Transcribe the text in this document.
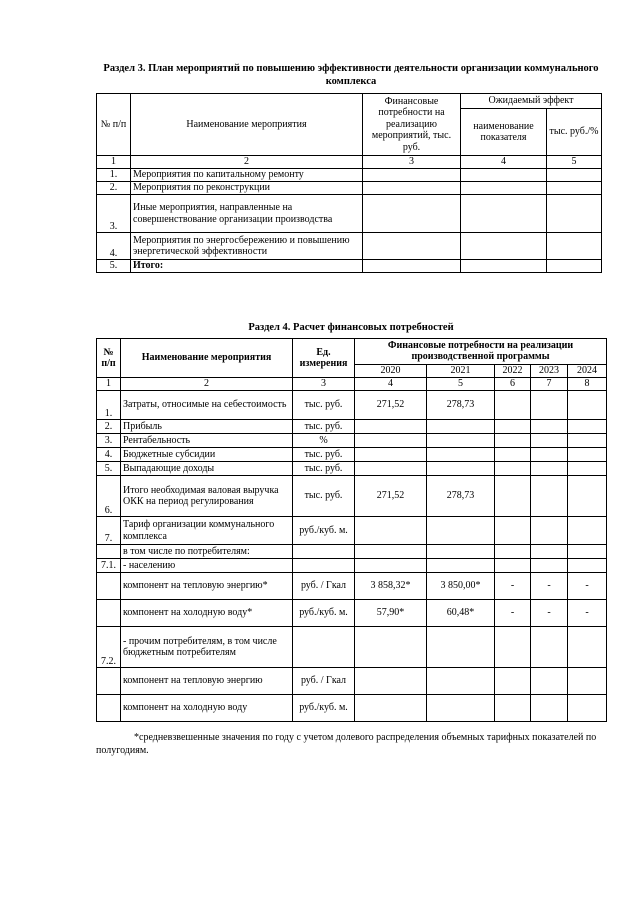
Раздел 3. План мероприятий по повышению эффективности деятельности организации коммунального комплекса
№ п/п	Наименование мероприятия	Финансовые потребности на реализацию мероприятий, тыс. руб.	Ожидаемый эффект	
			наименование показателя	тыс. руб./%
1	2	3	4	5
1.	Мероприятия по капитальному ремонту			
2.	Мероприятия по реконструкции			
3.	Иные мероприятия, направленные на совершенствование организации производства			
4.	Мероприятия по энергосбережению и повышению энергетической эффективности			
5.	Итого:			
Раздел 4. Расчет финансовых потребностей
№ п/п	Наименование мероприятия	Ед. измерения	Финансовые потребности на реализации производственной программы				
			2020	2021	2022	2023	2024
1	2	3	4	5	6	7	8
1.	Затраты, относимые на себестоимость	тыс. руб.	271,52	278,73			
2.	Прибыль	тыс. руб.					
3.	Рентабельность	%					
4.	Бюджетные субсидии	тыс. руб.					
5.	Выпадающие доходы	тыс. руб.					
6.	Итого необходимая валовая выручка ОКК на период регулирования	тыс. руб.	271,52	278,73			
7.	Тариф организации коммунального комплекса	руб./куб. м.					
	в том числе по потребителям:						
7.1.	- населению						
	компонент на тепловую энергию*	руб. / Гкал	3 858,32*	3 850,00*	-	-	-
	компонент на холодную воду*	руб./куб. м.	57,90*	60,48*	-	-	-
7.2.	- прочим потребителям, в том числе бюджетным потребителям						
	компонент на тепловую энергию	руб. / Гкал					
	компонент на холодную воду	руб./куб. м.					
*средневзвешенные значения по году с учетом долевого распределения объемных тарифных показателей по полугодиям.
